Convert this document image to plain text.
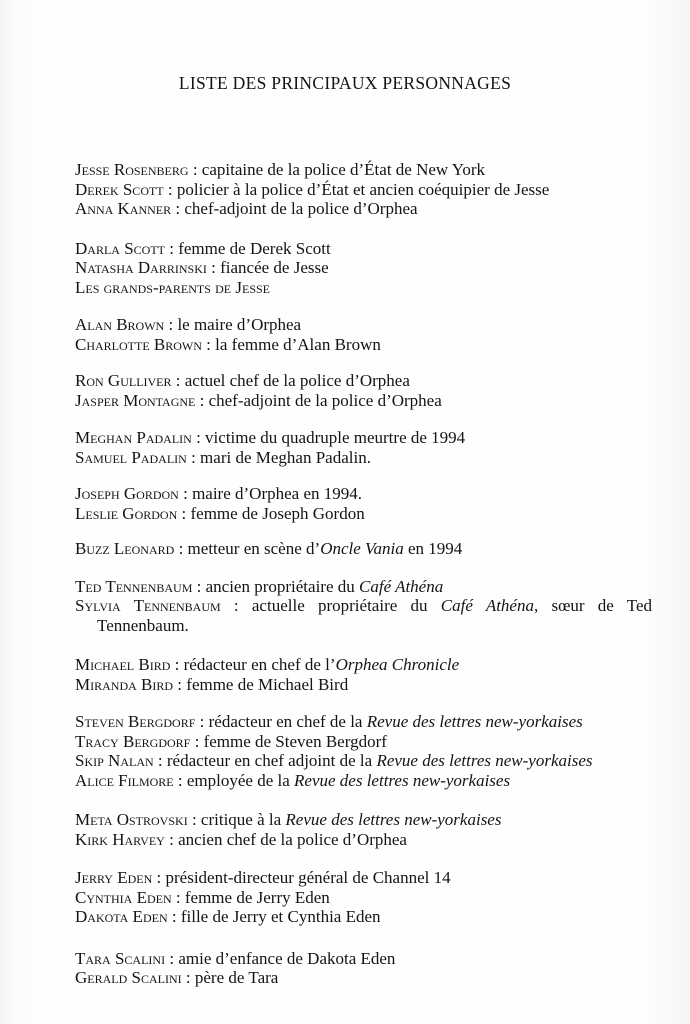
LISTE DES PRINCIPAUX PERSONNAGES

Jesse Rosenberg : capitaine de la police d’État de New York

Derek Scott : policier à la police d’État et ancien coéquipier de Jesse

Anna Kanner : chef-adjoint de la police d’Orphea

Darla Scott : femme de Derek Scott

Natasha Darrinski : fiancée de Jesse

Les grands-parents de Jesse

Alan Brown : le maire d’Orphea

Charlotte Brown : la femme d’Alan Brown

Ron Gulliver : actuel chef de la police d’Orphea

Jasper Montagne : chef-adjoint de la police d’Orphea

Meghan Padalin : victime du quadruple meurtre de 1994

Samuel Padalin : mari de Meghan Padalin.

Joseph Gordon : maire d’Orphea en 1994.

Leslie Gordon : femme de Joseph Gordon

Buzz Leonard : metteur en scène d’Oncle Vania en 1994

Ted Tennenbaum : ancien propriétaire du Café Athéna

Sylvia Tennenbaum : actuelle propriétaire du Café Athéna, sœur de Ted Tennenbaum.

Michael Bird : rédacteur en chef de l’Orphea Chronicle

Miranda Bird : femme de Michael Bird

Steven Bergdorf : rédacteur en chef de la Revue des lettres new-yorkaises

Tracy Bergdorf : femme de Steven Bergdorf

Skip Nalan : rédacteur en chef adjoint de la Revue des lettres new-yorkaises

Alice Filmore : employée de la Revue des lettres new-yorkaises

Meta Ostrovski : critique à la Revue des lettres new-yorkaises

Kirk Harvey : ancien chef de la police d’Orphea

Jerry Eden : président-directeur général de Channel 14

Cynthia Eden : femme de Jerry Eden

Dakota Eden : fille de Jerry et Cynthia Eden

Tara Scalini : amie d’enfance de Dakota Eden

Gerald Scalini : père de Tara
